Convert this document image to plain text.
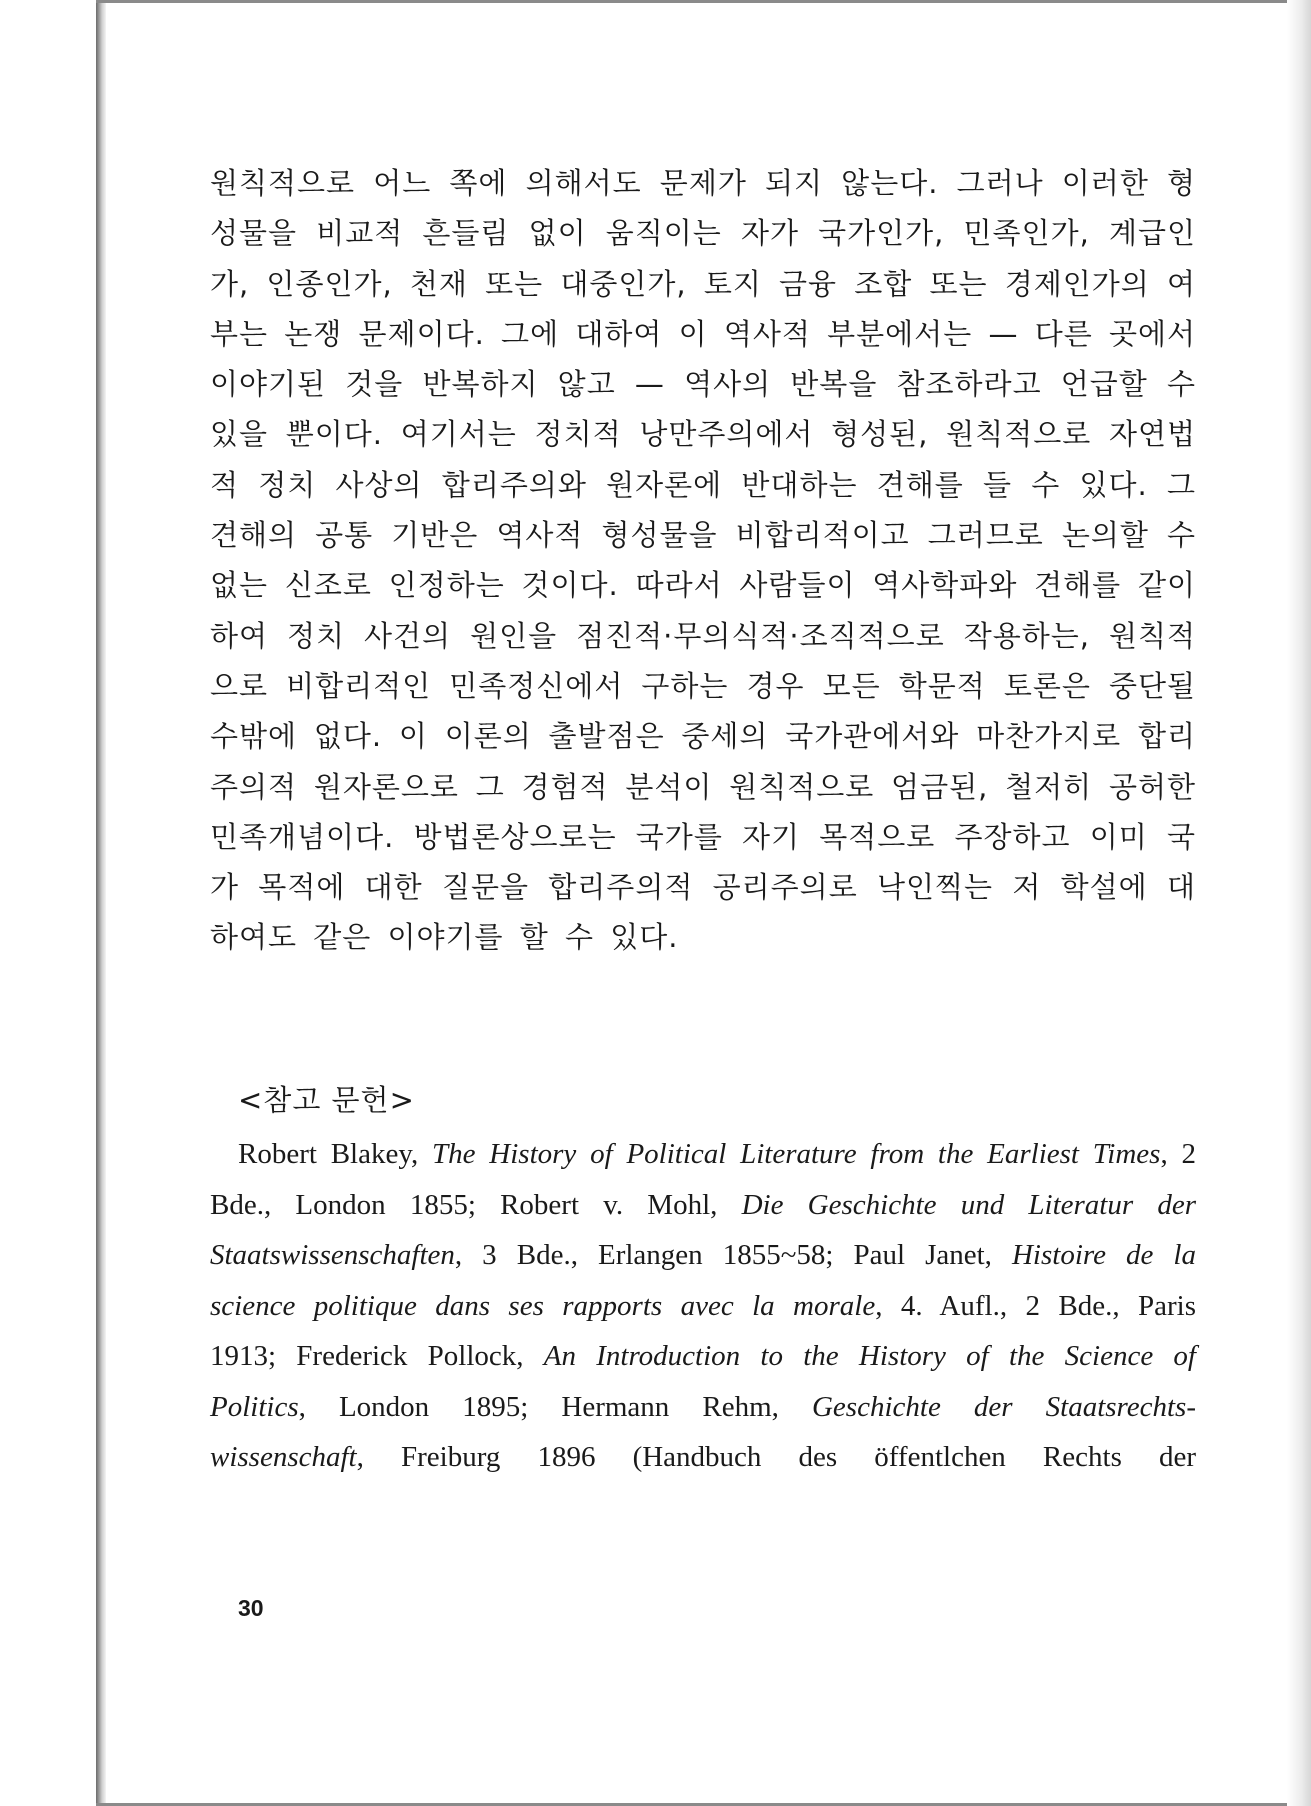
원칙적으로 어느 쪽에 의해서도 문제가 되지 않는다. 그러나 이러한 형성물을 비교적 흔들림 없이 움직이는 자가 국가인가, 민족인가, 계급인가, 인종인가, 천재 또는 대중인가, 토지 금융 조합 또는 경제인가의 여부는 논쟁 문제이다. 그에 대하여 이 역사적 부분에서는 — 다른 곳에서 이야기된 것을 반복하지 않고 — 역사의 반복을 참조하라고 언급할 수 있을 뿐이다. 여기서는 정치적 낭만주의에서 형성된, 원칙적으로 자연법적 정치 사상의 합리주의와 원자론에 반대하는 견해를 들 수 있다. 그 견해의 공통 기반은 역사적 형성물을 비합리적이고 그러므로 논의할 수 없는 신조로 인정하는 것이다. 따라서 사람들이 역사학파와 견해를 같이하여 정치 사건의 원인을 점진적·무의식적·조직적으로 작용하는, 원칙적으로 비합리적인 민족정신에서 구하는 경우 모든 학문적 토론은 중단될 수밖에 없다. 이 이론의 출발점은 중세의 국가관에서와 마찬가지로 합리주의적 원자론으로 그 경험적 분석이 원칙적으로 엄금된, 철저히 공허한 민족개념이다. 방법론상으로는 국가를 자기 목적으로 주장하고 이미 국가 목적에 대한 질문을 합리주의적 공리주의로 낙인찍는 저 학설에 대하여도 같은 이야기를 할 수 있다.

<참고 문헌>

Robert Blakey, The History of Political Literature from the Earliest Times, 2 Bde., London 1855; Robert v. Mohl, Die Geschichte und Literatur der Staatswissenschaften, 3 Bde., Erlangen 1855~58; Paul Janet, Histoire de la science politique dans ses rapports avec la morale, 4. Aufl., 2 Bde., Paris 1913; Frederick Pollock, An Introduction to the History of the Science of Politics, London 1895; Hermann Rehm, Geschichte der Staatsrechts-wissenschaft, Freiburg 1896 (Handbuch des öffentlchen Rechts der

30
